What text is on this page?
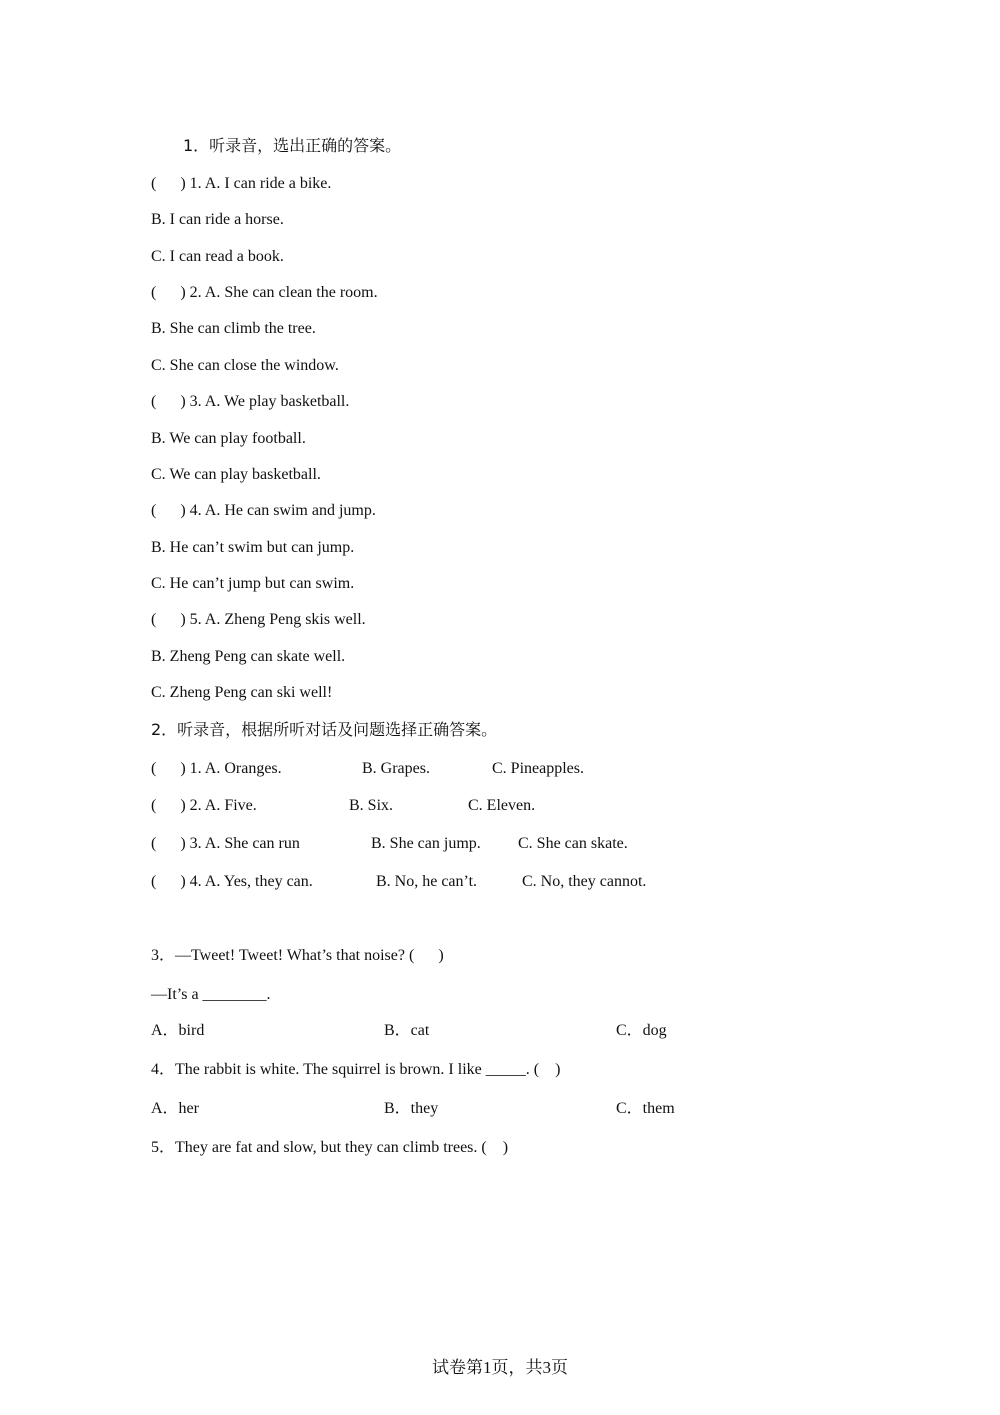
1．听录音，选出正确的答案。
(      ) 1. A. I can ride a bike.
B. I can ride a horse.
C. I can read a book.
(      ) 2. A. She can clean the room.
B. She can climb the tree.
C. She can close the window.
(      ) 3. A. We play basketball.
B. We can play football.
C. We can play basketball.
(      ) 4. A. He can swim and jump.
B. He can’t swim but can jump.
C. He can’t jump but can swim.
(      ) 5. A. Zheng Peng skis well.
B. Zheng Peng can skate well.
C. Zheng Peng can ski well!
2．听录音，根据所听对话及问题选择正确答案。
(      ) 1. A. Oranges.	B. Grapes.	C. Pineapples.
(      ) 2. A. Five.	B. Six.	C. Eleven.
(      ) 3. A. She can run	B. She can jump. C. She can skate.
(      ) 4. A. Yes, they can.	B. No, he can’t.	C. No, they cannot.
3．—Tweet! Tweet! What’s that noise? (      )
—It’s a ________.
A．bird	B．cat	C．dog
4．The rabbit is white. The squirrel is brown. I like _____. (    )
A．her	B．they	C．them
5．They are fat and slow, but they can climb trees. (    )
试卷第1页，共3页
